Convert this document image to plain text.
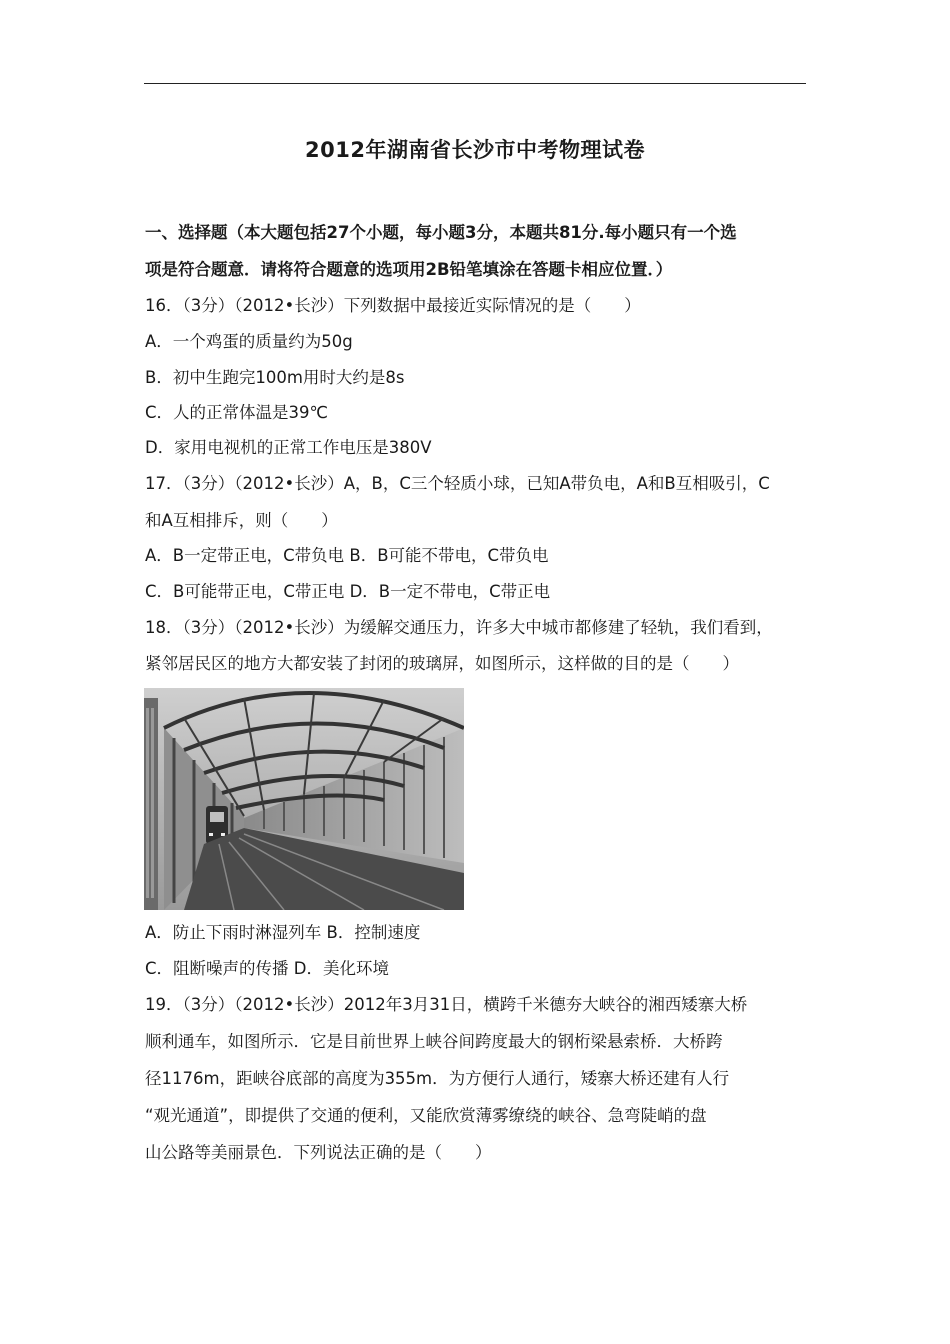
2012年湖南省长沙市中考物理试卷
一、选择题（本大题包括27个小题，每小题3分，本题共81分.每小题只有一个选
项是符合题意．请将符合题意的选项用2B铅笔填涂在答题卡相应位置．）
16．（3分）（2012•长沙）下列数据中最接近实际情况的是（　　）
A．一个鸡蛋的质量约为50g
B．初中生跑完100m用时大约是8s
C．人的正常体温是39℃
D．家用电视机的正常工作电压是380V
17．（3分）（2012•长沙）A，B，C三个轻质小球，已知A带负电，A和B互相吸引，C
和A互相排斥，则（　　）
A．B一定带正电，C带负电 B．B可能不带电，C带负电
C．B可能带正电，C带正电 D．B一定不带电，C带正电
18．（3分）（2012•长沙）为缓解交通压力，许多大中城市都修建了轻轨，我们看到，
紧邻居民区的地方大都安装了封闭的玻璃屏，如图所示，这样做的目的是（　　）
A．防止下雨时淋湿列车 B．控制速度
C．阻断噪声的传播 D．美化环境
19．（3分）（2012•长沙）2012年3月31日，横跨千米德夯大峡谷的湘西矮寨大桥
顺利通车，如图所示．它是目前世界上峡谷间跨度最大的钢桁梁悬索桥．大桥跨
径1176m，距峡谷底部的高度为355m．为方便行人通行，矮寨大桥还建有人行
“观光通道”，即提供了交通的便利，又能欣赏薄雾缭绕的峡谷、急弯陡峭的盘
山公路等美丽景色．下列说法正确的是（　　）
